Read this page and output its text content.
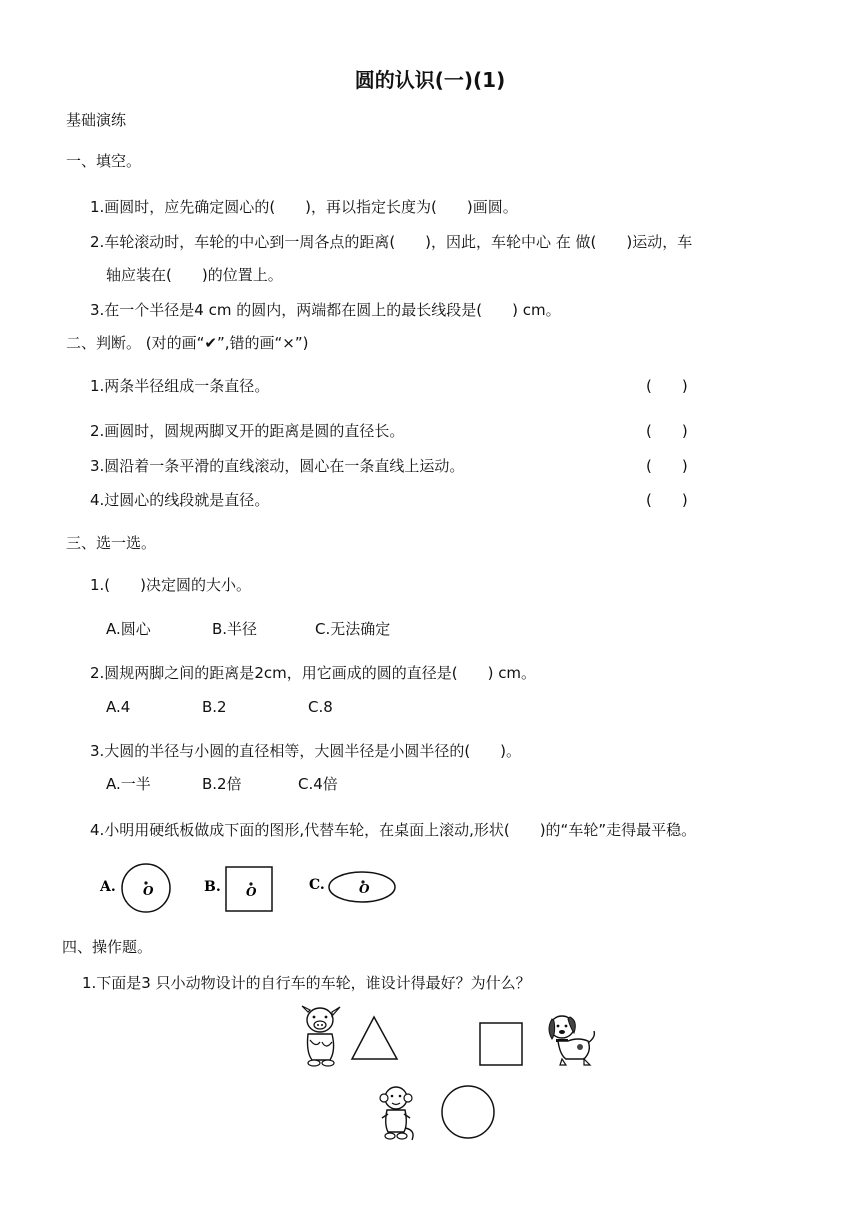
圆的认识(一)(1)
基础演练
一、填空。
1.画圆时，应先确定圆心的(　　)，再以指定长度为(　　)画圆。
2.车轮滚动时，车轮的中心到一周各点的距离(　　)，因此，车轮中心 在 做(　　)运动，车
轴应装在(　　)的位置上。
3.在一个半径是4 cm 的圆内，两端都在圆上的最长线段是(　　) cm。
二、判断。 (对的画“✔”,错的画“×”)
1.两条半径组成一条直径。	(　　)
2.画圆时，圆规两脚叉开的距离是圆的直径长。	(　　)
3.圆沿着一条平滑的直线滚动，圆心在一条直线上运动。	(　　)
4.过圆心的线段就是直径。	(　　)
三、选一选。
1.(　　)决定圆的大小。
A.圆心	B.半径	C.无法确定
2.圆规两脚之间的距离是2cm，用它画成的圆的直径是(　　) cm。
A.4	B.2	C.8
3.大圆的半径与小圆的直径相等，大圆半径是小圆半径的(　　)。
A.一半	B.2倍	C.4倍
4.小明用硬纸板做成下面的图形,代替车轮，在桌面上滚动,形状(　　)的“车轮”走得最平稳。
A. O	B. O	C.	O
四、操作题。
1.下面是3 只小动物设计的自行车的车轮，谁设计得最好？为什么？
